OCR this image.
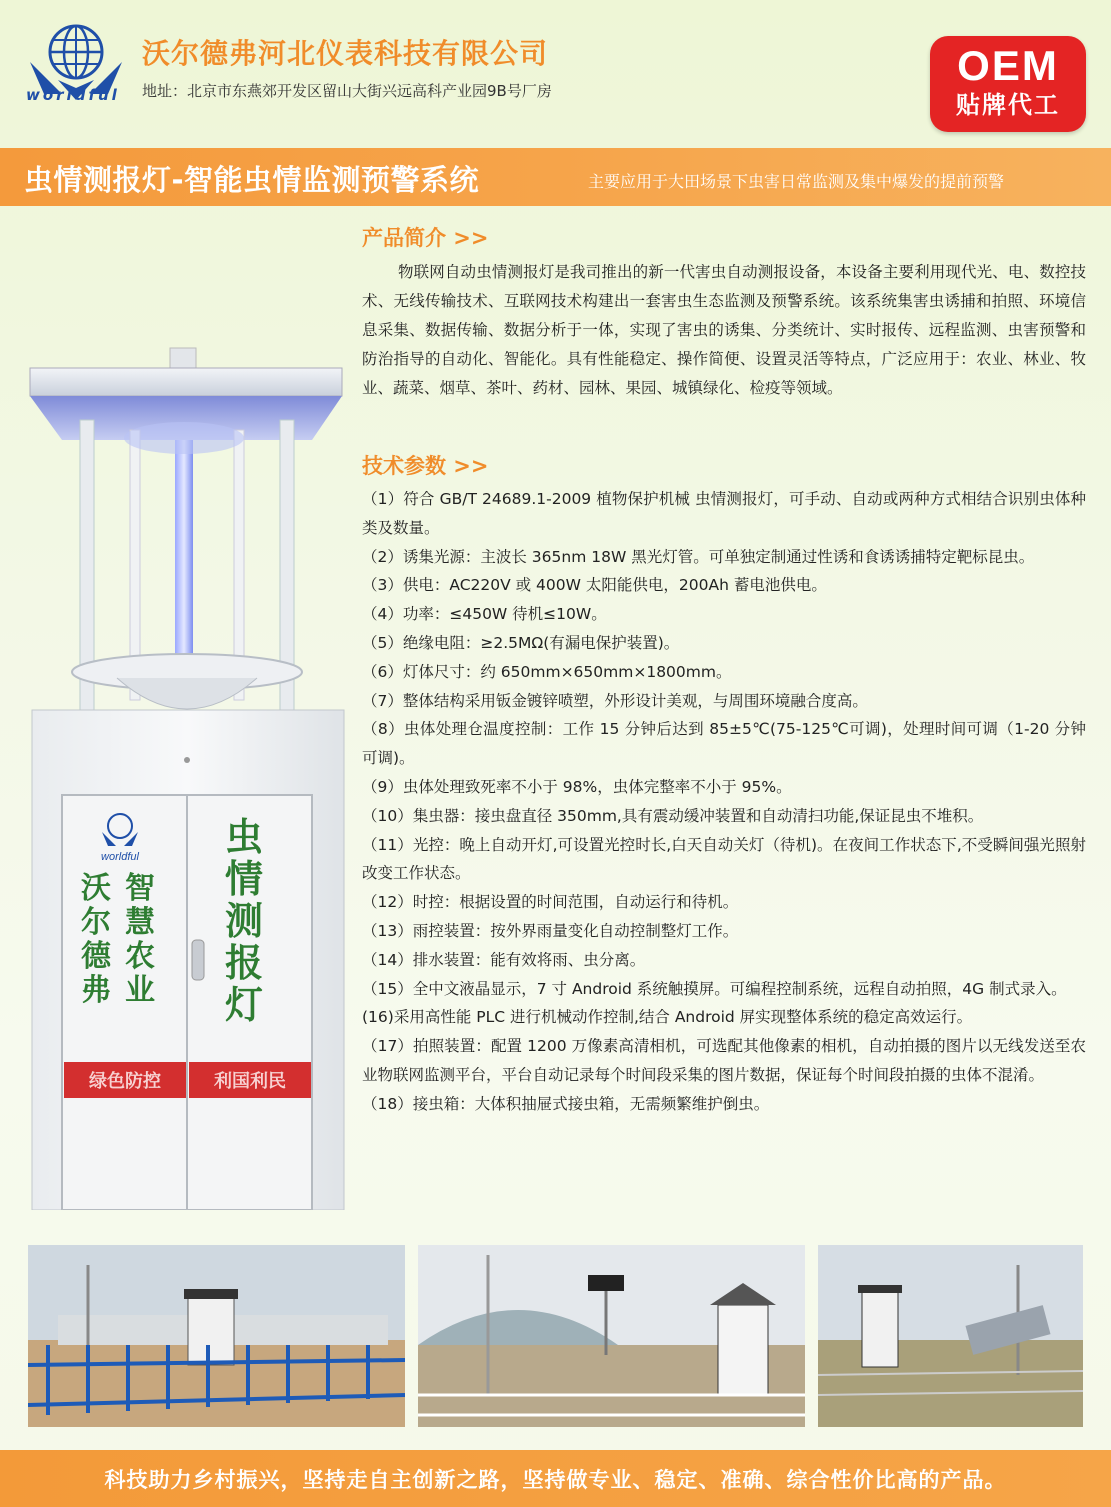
worldful
沃尔德弗河北仪表科技有限公司
地址：北京市东燕郊开发区留山大街兴远高科产业园9B号厂房
OEM
贴牌代工
虫情测报灯-智能虫情监测预警系统	主要应用于大田场景下虫害日常监测及集中爆发的提前预警
worldful
沃
尔
德
弗
智
慧
农
业
虫
情
测
报
灯
绿色防控	利国利民
产品简介 >>
物联网自动虫情测报灯是我司推出的新一代害虫自动测报设备，本设备主要利用现代光、电、数控技术、无线传输技术、互联网技术构建出一套害虫生态监测及预警系统。该系统集害虫诱捕和拍照、环境信息采集、数据传输、数据分析于一体，实现了害虫的诱集、分类统计、实时报传、远程监测、虫害预警和防治指导的自动化、智能化。具有性能稳定、操作简便、设置灵活等特点，广泛应用于：农业、林业、牧业、蔬菜、烟草、茶叶、药材、园林、果园、城镇绿化、检疫等领域。
技术参数 >>

（1）符合 GB/T 24689.1-2009 植物保护机械 虫情测报灯，可手动、自动或两种方式相结合识别虫体种类及数量。

（2）诱集光源：主波长 365nm 18W 黑光灯管。可单独定制通过性诱和食诱诱捕特定靶标昆虫。

（3）供电：AC220V 或 400W 太阳能供电，200Ah 蓄电池供电。

（4）功率：≤450W 待机≤10W。

（5）绝缘电阻：≥2.5MΩ(有漏电保护装置)。

（6）灯体尺寸：约 650mm×650mm×1800mm。

（7）整体结构采用钣金镀锌喷塑，外形设计美观，与周围环境融合度高。

（8）虫体处理仓温度控制：工作 15 分钟后达到 85±5℃(75-125℃可调)，处理时间可调（1-20 分钟可调)。

（9）虫体处理致死率不小于 98%，虫体完整率不小于 95%。

（10）集虫器：接虫盘直径 350mm,具有震动缓冲装置和自动清扫功能,保证昆虫不堆积。

（11）光控：晚上自动开灯,可设置光控时长,白天自动关灯（待机)。在夜间工作状态下,不受瞬间强光照射改变工作状态。

（12）时控：根据设置的时间范围，自动运行和待机。

（13）雨控装置：按外界雨量变化自动控制整灯工作。

（14）排水装置：能有效将雨、虫分离。

（15）全中文液晶显示，7 寸 Android 系统触摸屏。可编程控制系统，远程自动拍照，4G 制式录入。

(16)采用高性能 PLC 进行机械动作控制,结合 Android 屏实现整体系统的稳定高效运行。

（17）拍照装置：配置 1200 万像素高清相机，可选配其他像素的相机，自动拍摄的图片以无线发送至农业物联网监测平台，平台自动记录每个时间段采集的图片数据，保证每个时间段拍摄的虫体不混淆。

（18）接虫箱：大体积抽屉式接虫箱，无需频繁维护倒虫。

科技助力乡村振兴，坚持走自主创新之路，坚持做专业、稳定、准确、综合性价比高的产品。
